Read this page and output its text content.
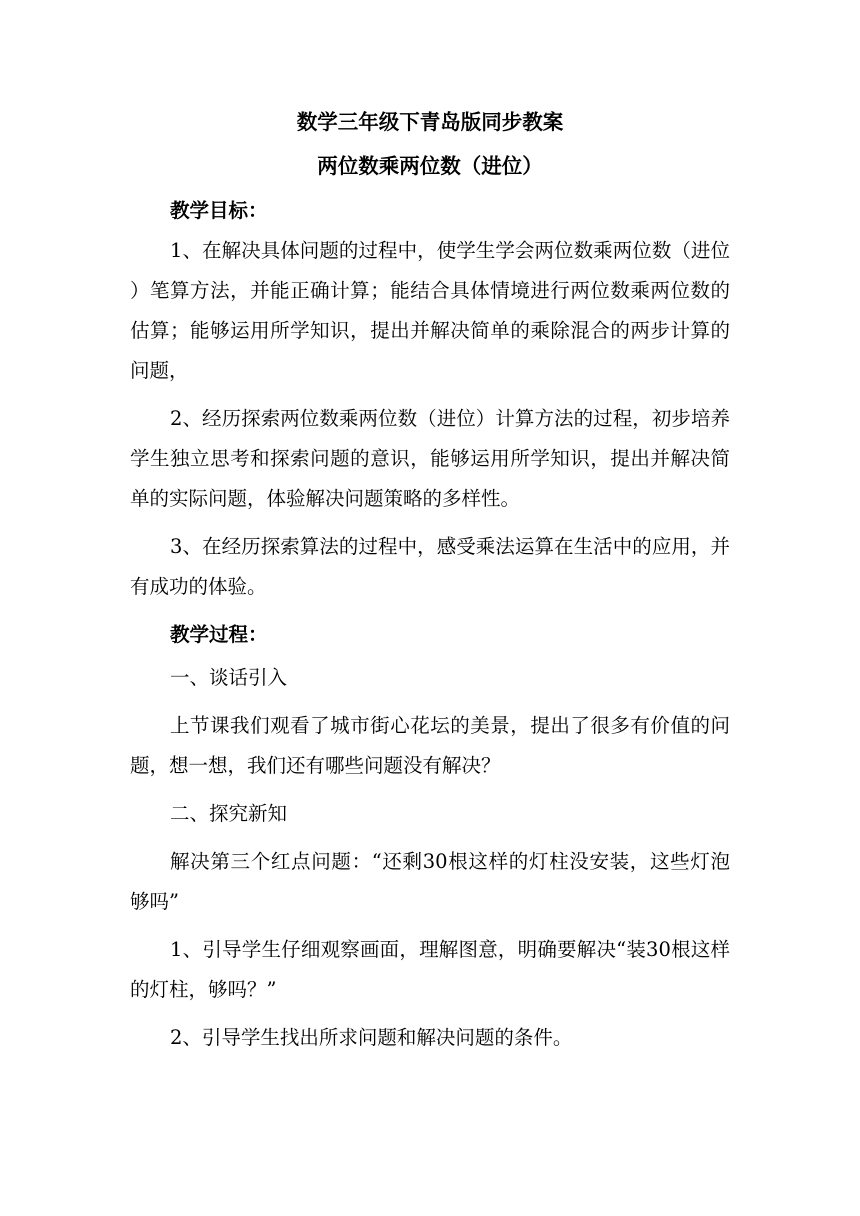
数学三年级下青岛版同步教案
两位数乘两位数（进位）
教学目标：

1、在解决具体问题的过程中，使学生学会两位数乘两位数（进位）笔算方法，并能正确计算；能结合具体情境进行两位数乘两位数的估算；能够运用所学知识，提出并解决简单的乘除混合的两步计算的问题，

2、经历探索两位数乘两位数（进位）计算方法的过程，初步培养学生独立思考和探索问题的意识，能够运用所学知识，提出并解决简单的实际问题，体验解决问题策略的多样性。

3、在经历探索算法的过程中，感受乘法运算在生活中的应用，并有成功的体验。

教学过程：

一、谈话引入

上节课我们观看了城市街心花坛的美景，提出了很多有价值的问题，想一想，我们还有哪些问题没有解决？

二、探究新知

解决第三个红点问题：“还剩30根这样的灯柱没安装，这些灯泡够吗”

1、引导学生仔细观察画面，理解图意，明确要解决“装30根这样的灯柱，够吗？”

2、引导学生找出所求问题和解决问题的条件。
